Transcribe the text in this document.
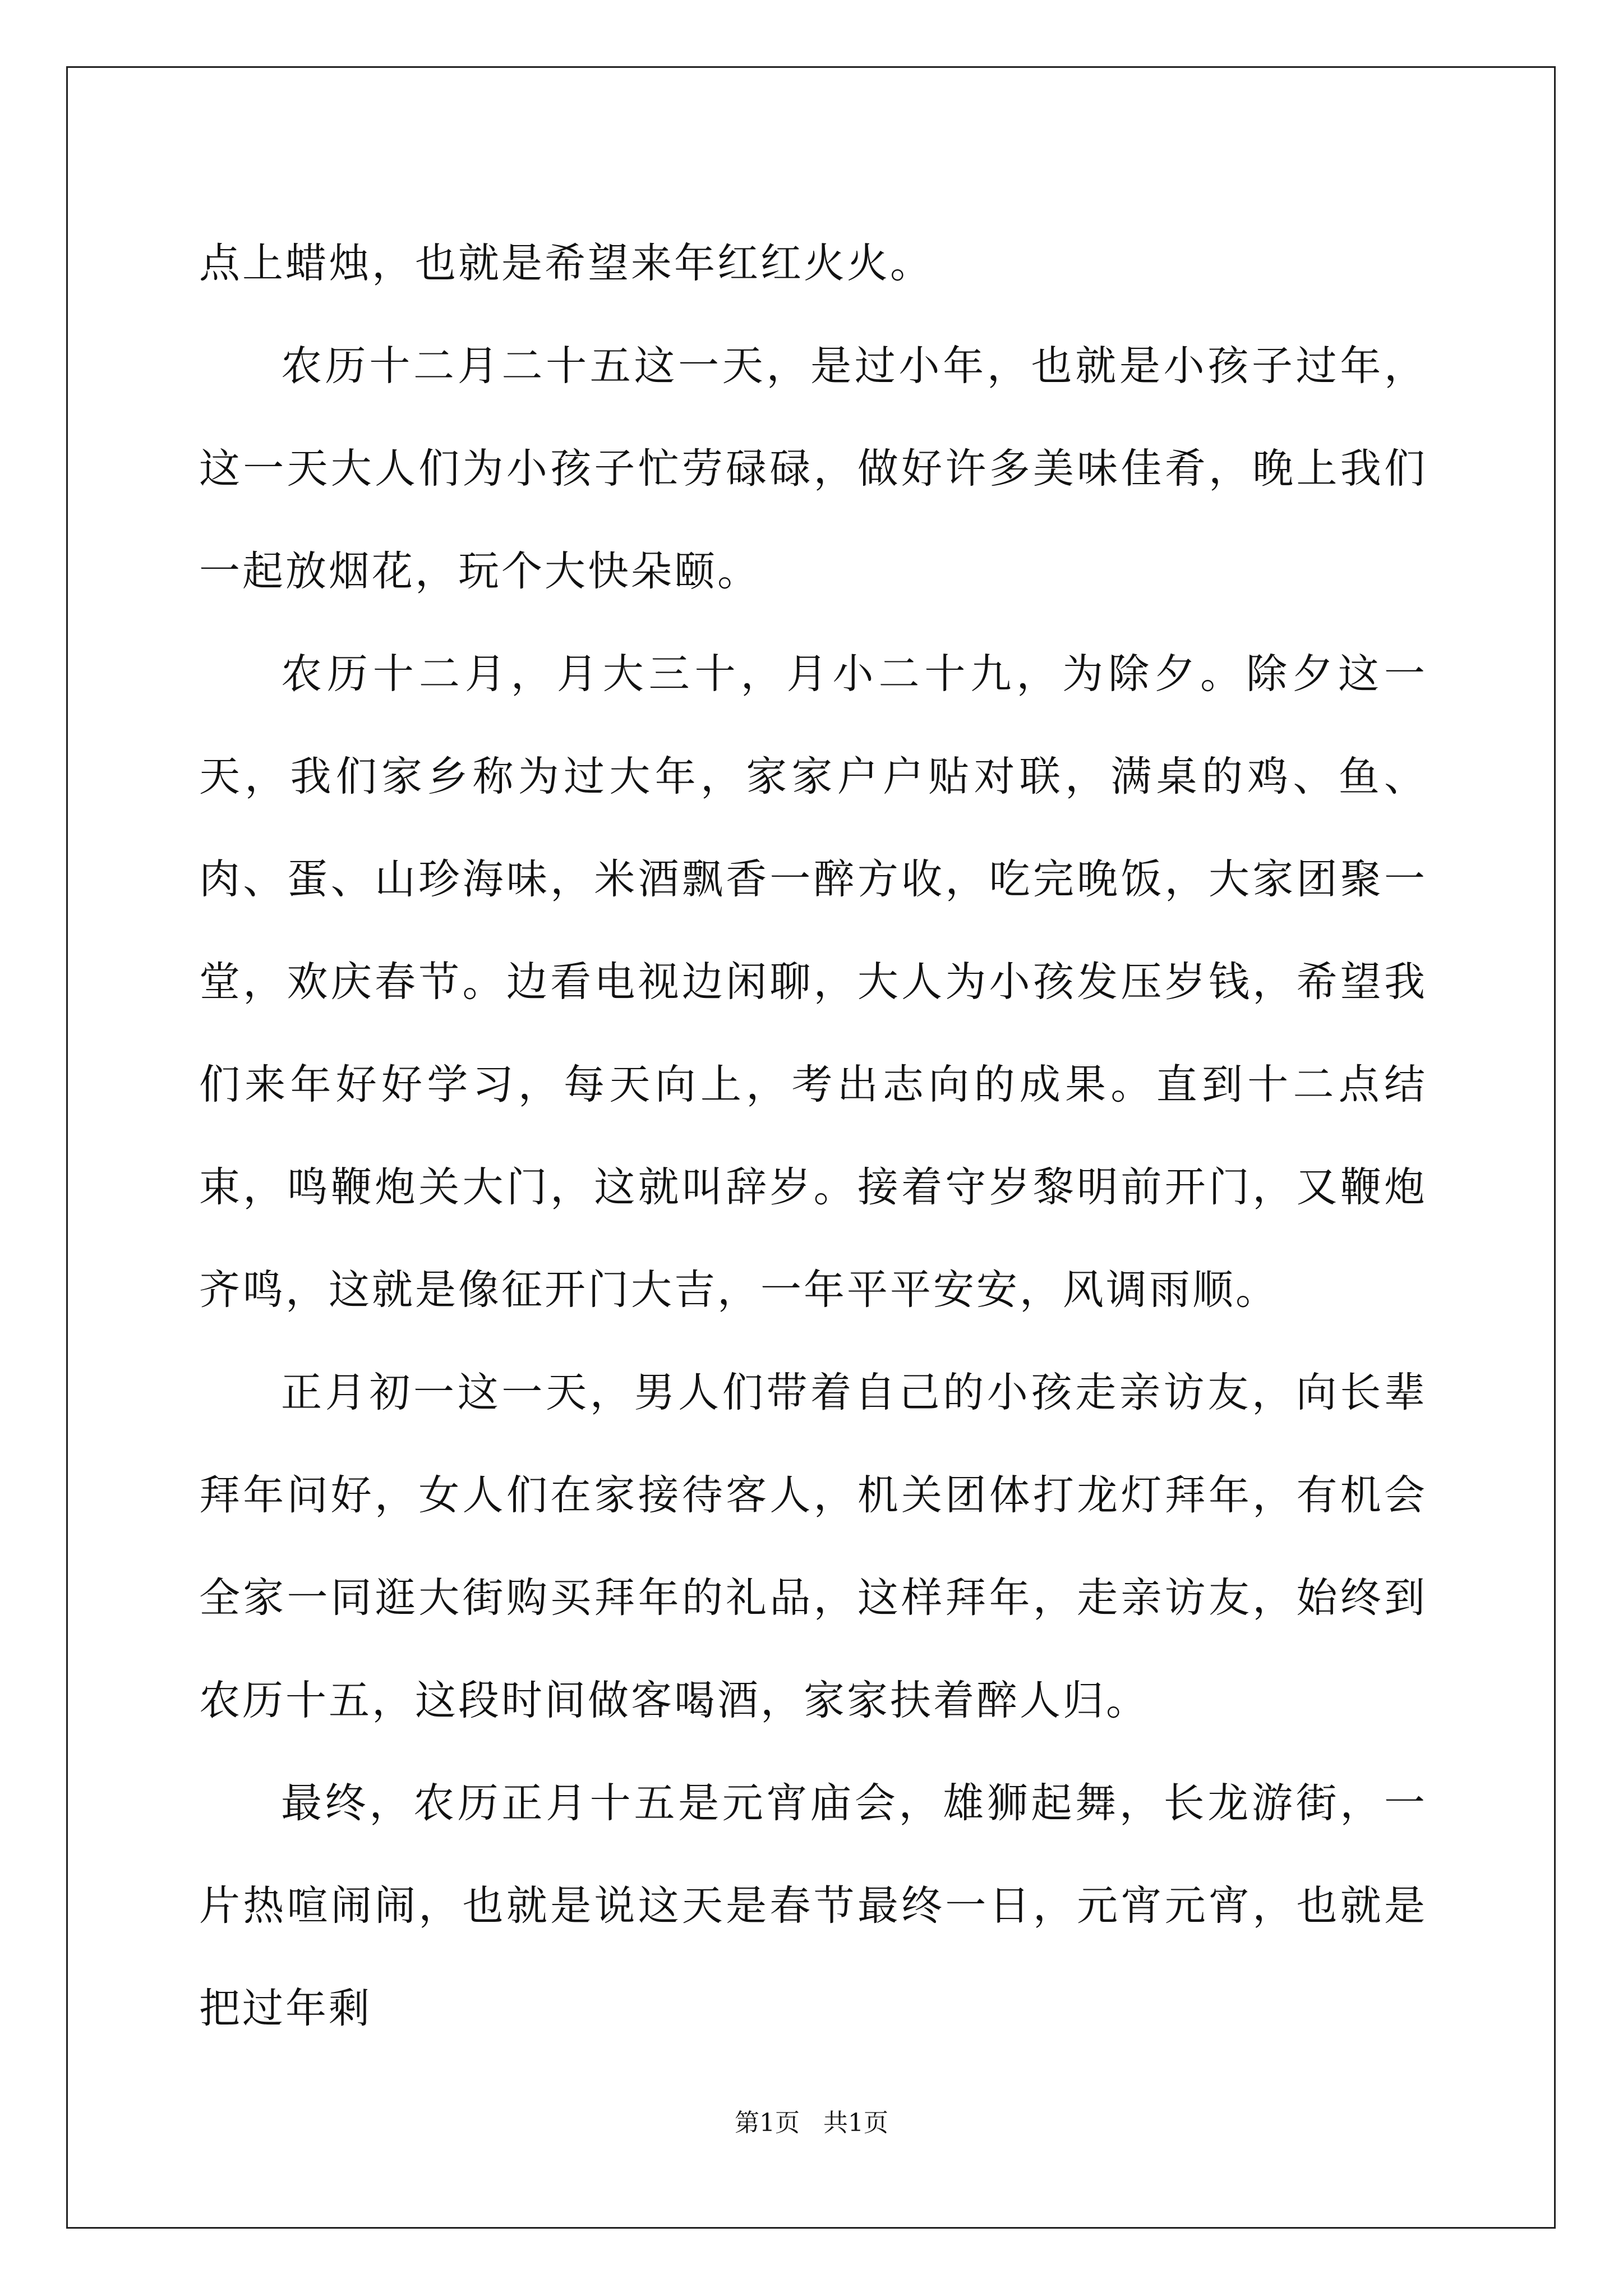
点上蜡烛，也就是希望来年红红火火。

农历十二月二十五这一天，是过小年，也就是小孩子过年，这一天大人们为小孩子忙劳碌碌，做好许多美味佳肴，晚上我们一起放烟花，玩个大快朵颐。

农历十二月，月大三十，月小二十九，为除夕。除夕这一天，我们家乡称为过大年，家家户户贴对联，满桌的鸡、鱼、肉、蛋、山珍海味，米酒飘香一醉方收，吃完晚饭，大家团聚一堂，欢庆春节。边看电视边闲聊，大人为小孩发压岁钱，希望我们来年好好学习，每天向上，考出志向的成果。直到十二点结束，鸣鞭炮关大门，这就叫辞岁。接着守岁黎明前开门，又鞭炮齐鸣，这就是像征开门大吉，一年平平安安，风调雨顺。

正月初一这一天，男人们带着自己的小孩走亲访友，向长辈拜年问好，女人们在家接待客人，机关团体打龙灯拜年，有机会全家一同逛大街购买拜年的礼品，这样拜年，走亲访友，始终到农历十五，这段时间做客喝酒，家家扶着醉人归。

最终，农历正月十五是元宵庙会，雄狮起舞，长龙游街，一片热喧闹闹，也就是说这天是春节最终一日，元宵元宵，也就是把过年剩

第1页 共1页
